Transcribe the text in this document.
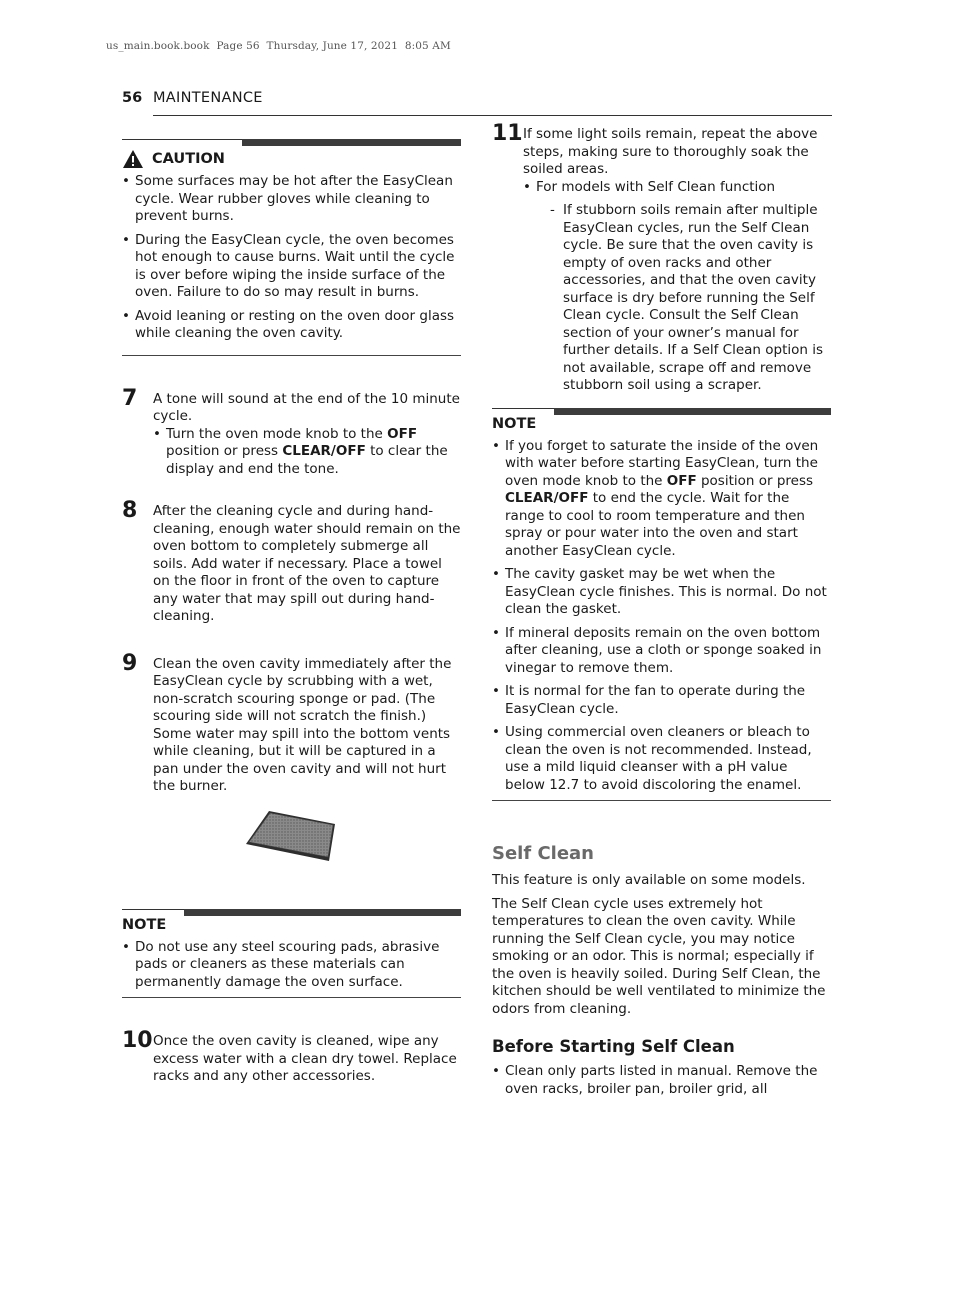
us_main.book.book  Page 56  Thursday, June 17, 2021  8:05 AM
56 MAINTENANCE
CAUTION
• Some surfaces may be hot after the EasyClean cycle. Wear rubber gloves while cleaning to prevent burns.
• During the EasyClean cycle, the oven becomes hot enough to cause burns. Wait until the cycle is over before wiping the inside surface of the oven. Failure to do so may result in burns.
• Avoid leaning or resting on the oven door glass while cleaning the oven cavity.
7 A tone will sound at the end of the 10 minute cycle.
• Turn the oven mode knob to the OFF position or press CLEAR/OFF to clear the display and end the tone.
8 After the cleaning cycle and during hand-cleaning, enough water should remain on the oven bottom to completely submerge all soils. Add water if necessary. Place a towel on the floor in front of the oven to capture any water that may spill out during hand-cleaning.
9 Clean the oven cavity immediately after the EasyClean cycle by scrubbing with a wet, non-scratch scouring sponge or pad. (The scouring side will not scratch the finish.) Some water may spill into the bottom vents while cleaning, but it will be captured in a pan under the oven cavity and will not hurt the burner.
NOTE
• Do not use any steel scouring pads, abrasive pads or cleaners as these materials can permanently damage the oven surface.
10 Once the oven cavity is cleaned, wipe any excess water with a clean dry towel. Replace racks and any other accessories.
11 If some light soils remain, repeat the above steps, making sure to thoroughly soak the soiled areas.
• For models with Self Clean function
- If stubborn soils remain after multiple EasyClean cycles, run the Self Clean cycle. Be sure that the oven cavity is empty of oven racks and other accessories, and that the oven cavity surface is dry before running the Self Clean cycle. Consult the Self Clean section of your owner’s manual for further details. If a Self Clean option is not available, scrape off and remove stubborn soil using a scraper.
NOTE
• If you forget to saturate the inside of the oven with water before starting EasyClean, turn the oven mode knob to the OFF position or press CLEAR/OFF to end the cycle. Wait for the range to cool to room temperature and then spray or pour water into the oven and start another EasyClean cycle.
• The cavity gasket may be wet when the EasyClean cycle finishes. This is normal. Do not clean the gasket.
• If mineral deposits remain on the oven bottom after cleaning, use a cloth or sponge soaked in vinegar to remove them.
• It is normal for the fan to operate during the EasyClean cycle.
• Using commercial oven cleaners or bleach to clean the oven is not recommended. Instead, use a mild liquid cleanser with a pH value below 12.7 to avoid discoloring the enamel.
Self Clean

This feature is only available on some models.

The Self Clean cycle uses extremely hot temperatures to clean the oven cavity. While running the Self Clean cycle, you may notice smoking or an odor. This is normal; especially if the oven is heavily soiled. During Self Clean, the kitchen should be well ventilated to minimize the odors from cleaning.

Before Starting Self Clean
• Clean only parts listed in manual. Remove the oven racks, broiler pan, broiler grid, all
